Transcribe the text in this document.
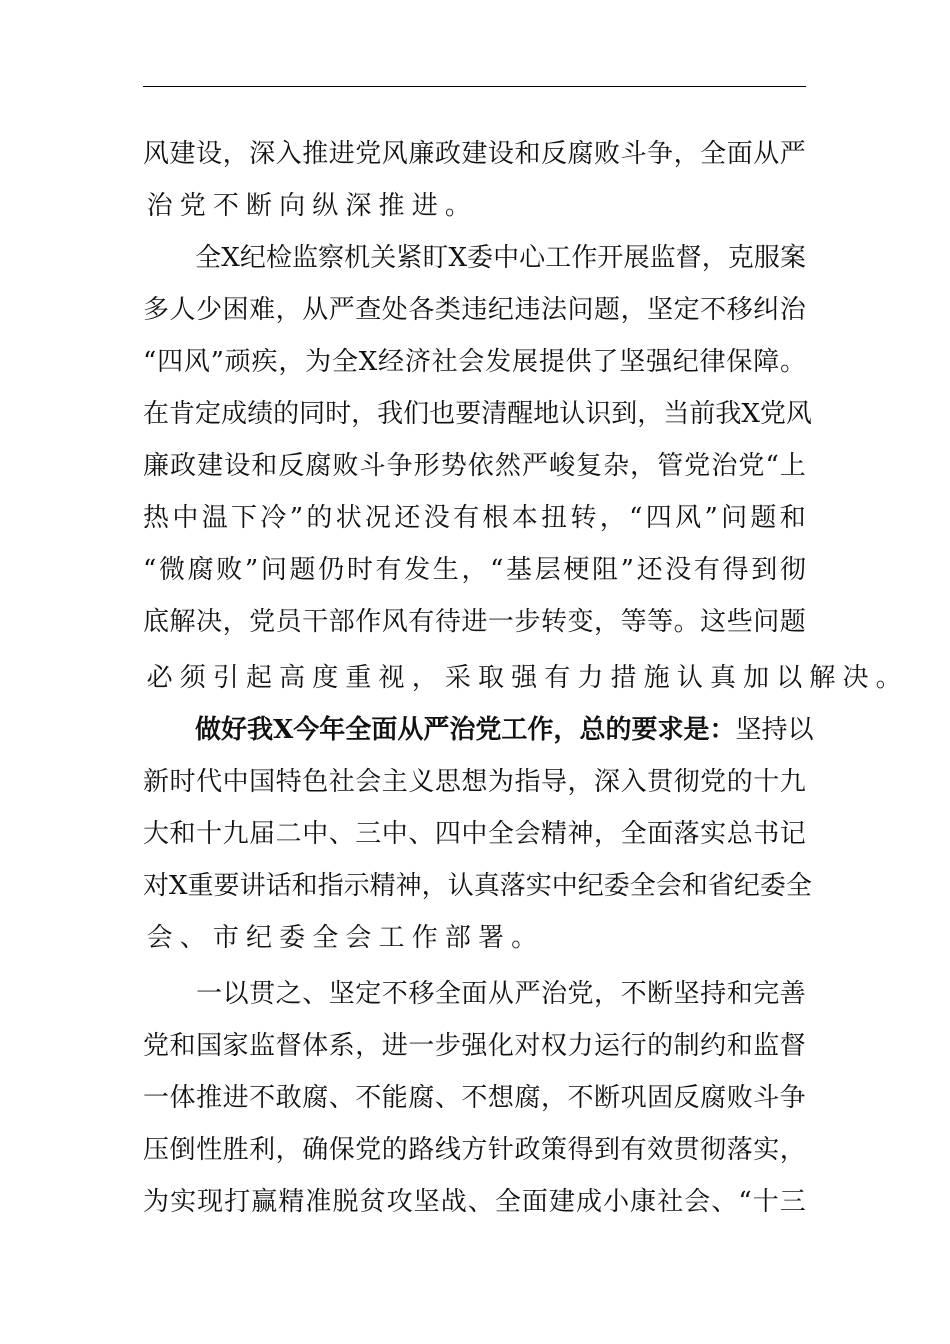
风 建 设 ， 深 入 推 进 党 风 廉 政 建 设 和 反 腐 败 斗 争 ， 全 面 从 严
治 党 不 断 向 纵 深 推 进 。

全 X 纪 检 监 察 机 关 紧 盯 X 委 中 心 工 作 开 展 监 督 ， 克 服 案
多 人 少 困 难 ， 从 严 查 处 各 类 违 纪 违 法 问 题 ， 坚 定 不 移 纠 治
“ 四 风 ” 顽 疾 ， 为 全 X 经 济 社 会 发 展 提 供 了 坚 强 纪 律 保 障 。
在 肯 定 成 绩 的 同 时 ， 我 们 也 要 清 醒 地 认 识 到 ， 当 前 我 X 党 风
廉 政 建 设 和 反 腐 败 斗 争 形 势 依 然 严 峻 复 杂 ， 管 党 治 党 “ 上
热 中 温 下 冷 ” 的 状 况 还 没 有 根 本 扭 转 ， “ 四 风 ” 问 题 和
“ 微 腐 败 ” 问 题 仍 时 有 发 生 ， “ 基 层 梗 阻 ” 还 没 有 得 到 彻
底 解 决 ， 党 员 干 部 作 风 有 待 进 一 步 转 变 ， 等 等 。 这 些 问 题
必 须 引 起 高 度 重 视 ， 采 取 强 有 力 措 施 认 真 加 以 解 决 。

做 好 我 X 今 年 全 面 从 严 治 党 工 作 ， 总 的 要 求 是 ： 坚 持 以
新 时 代 中 国 特 色 社 会 主 义 思 想 为 指 导 ， 深 入 贯 彻 党 的 十 九
大 和 十 九 届 二 中 、 三 中 、 四 中 全 会 精 神 ， 全 面 落 实 总 书 记
对 X 重 要 讲 话 和 指 示 精 神 ， 认 真 落 实 中 纪 委 全 会 和 省 纪 委 全
会 、 市 纪 委 全 会 工 作 部 署 。

一 以 贯 之 、 坚 定 不 移 全 面 从 严 治 党 ， 不 断 坚 持 和 完 善
党 和 国 家 监 督 体 系 ， 进 一 步 强 化 对 权 力 运 行 的 制 约 和 监 督
一 体 推 进 不 敢 腐 、 不 能 腐 、 不 想 腐 ， 不 断 巩 固 反 腐 败 斗 争
压 倒 性 胜 利 ， 确 保 党 的 路 线 方 针 政 策 得 到 有 效 贯 彻 落 实 ，
为 实 现 打 赢 精 准 脱 贫 攻 坚 战 、 全 面 建 成 小 康 社 会 、 “ 十 三
